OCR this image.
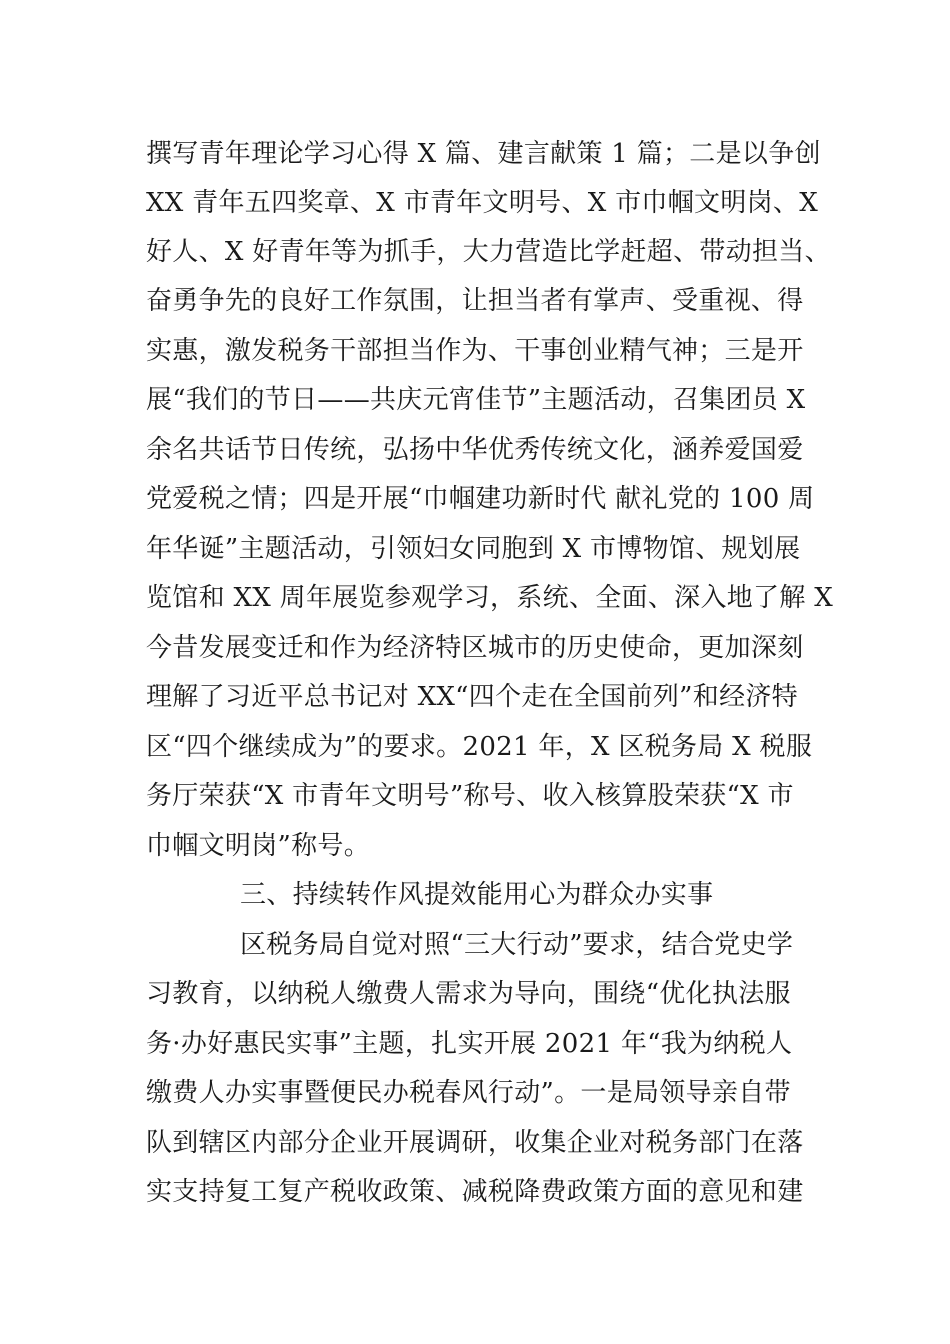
撰写青年理论学习心得 X 篇、建言献策 1 篇；二是以争创
XX 青年五四奖章、X 市青年文明号、X 市巾帼文明岗、X
好人、X 好青年等为抓手，大力营造比学赶超、带动担当、
奋勇争先的良好工作氛围，让担当者有掌声、受重视、得
实惠，激发税务干部担当作为、干事创业精气神；三是开
展“我们的节日——共庆元宵佳节”主题活动，召集团员 X
余名共话节日传统，弘扬中华优秀传统文化，涵养爱国爱
党爱税之情；四是开展“巾帼建功新时代 献礼党的 100 周
年华诞”主题活动，引领妇女同胞到 X 市博物馆、规划展
览馆和 XX 周年展览参观学习，系统、全面、深入地了解 X
今昔发展变迁和作为经济特区城市的历史使命，更加深刻
理解了习近平总书记对 XX“四个走在全国前列”和经济特
区“四个继续成为”的要求。2021 年，X 区税务局 X 税服
务厅荣获“X 市青年文明号”称号、收入核算股荣获“X 市
巾帼文明岗”称号。
三、持续转作风提效能用心为群众办实事
区税务局自觉对照“三大行动”要求，结合党史学
习教育，以纳税人缴费人需求为导向，围绕“优化执法服
务·办好惠民实事”主题，扎实开展 2021 年“我为纳税人
缴费人办实事暨便民办税春风行动”。一是局领导亲自带
队到辖区内部分企业开展调研，收集企业对税务部门在落
实支持复工复产税收政策、减税降费政策方面的意见和建
